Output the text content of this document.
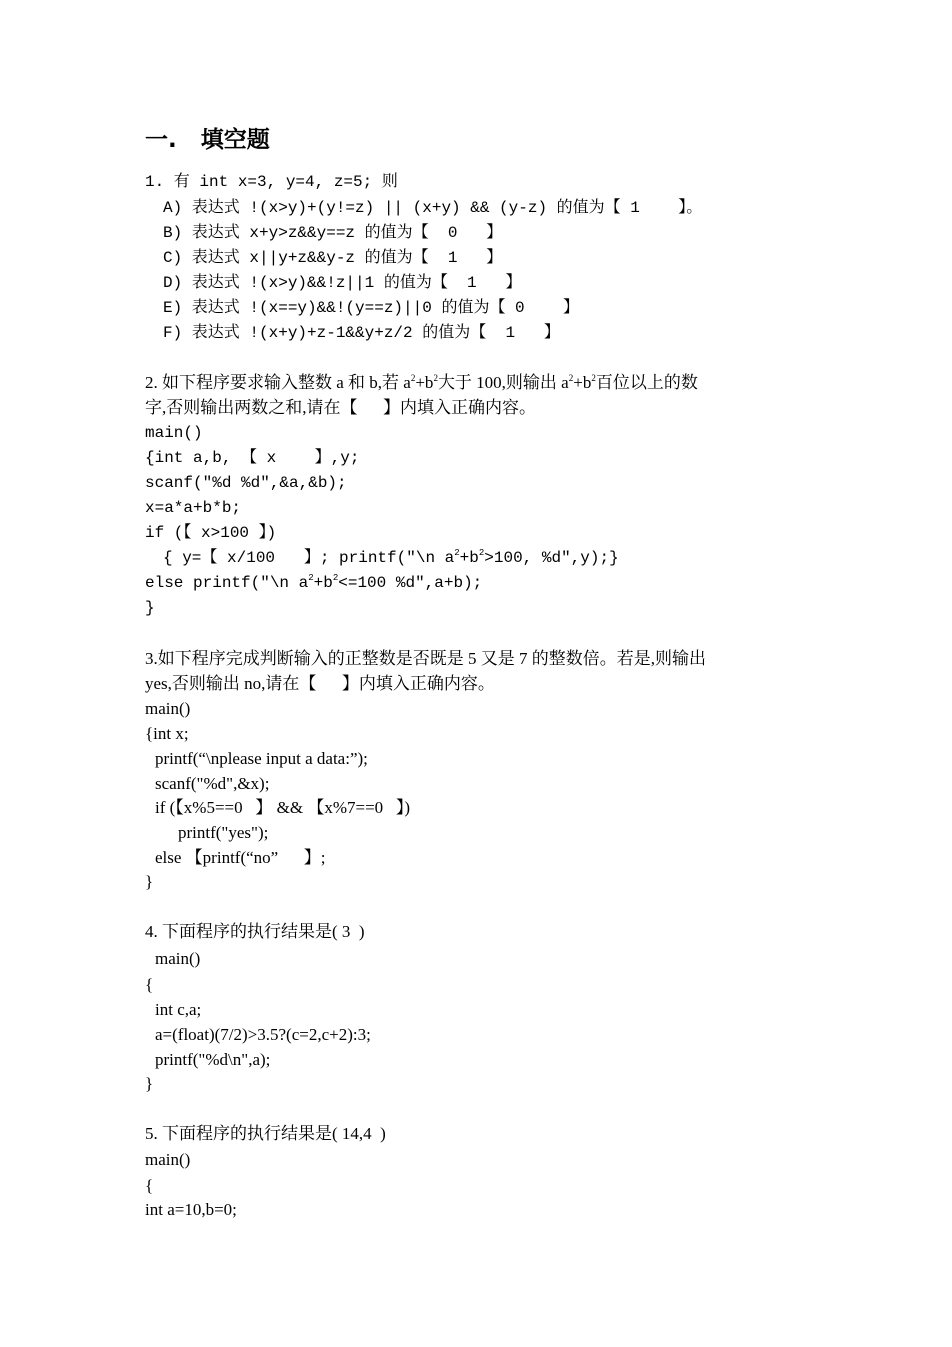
一. 填空题
1. 有 int x=3, y=4, z=5; 则
A) 表达式 !(x>y)+(y!=z) || (x+y) && (y-z) 的值为【 1    】。
B) 表达式 x+y>z&&y==z 的值为【  0   】
C) 表达式 x||y+z&&y-z 的值为【  1   】
D) 表达式 !(x>y)&&!z||1 的值为【  1   】
E) 表达式 !(x==y)&&!(y==z)||0 的值为【 0    】
F) 表达式 !(x+y)+z-1&&y+z/2 的值为【  1   】
2. 如下程序要求输入整数 a 和 b,若 $a^2+b^2$大于 100,则输出 $a^2+b^2$百位以上的数
字,否则输出两数之和,请在【      】内填入正确内容。
main()
{int a,b, 【 x    】,y;
scanf("%d %d",&a,&b);
x=a*a+b*b;
if (【 x>100 】)
{ y=【 x/100   】; printf("\n $a^2+b^2>100$, %d",y);}
else printf("\n $a^2+b^2<=100$ %d",a+b);
}
3.如下程序完成判断输入的正整数是否既是 5 又是 7 的整数倍。若是,则输出
yes,否则输出 no,请在【      】内填入正确内容。
main()
{int x;
printf(“\nplease input a data:”);
scanf("%d",&x);
if (【x%5==0   】 && 【x%7==0   】)
printf("yes");
else 【printf(“no”      】;
}
4. 下面程序的执行结果是( 3  )
main()
{
int c,a;
a=(float)(7/2)>3.5?(c=2,c+2):3;
printf("%d\n",a);
}
5. 下面程序的执行结果是( 14,4  )
main()
{
int a=10,b=0;
